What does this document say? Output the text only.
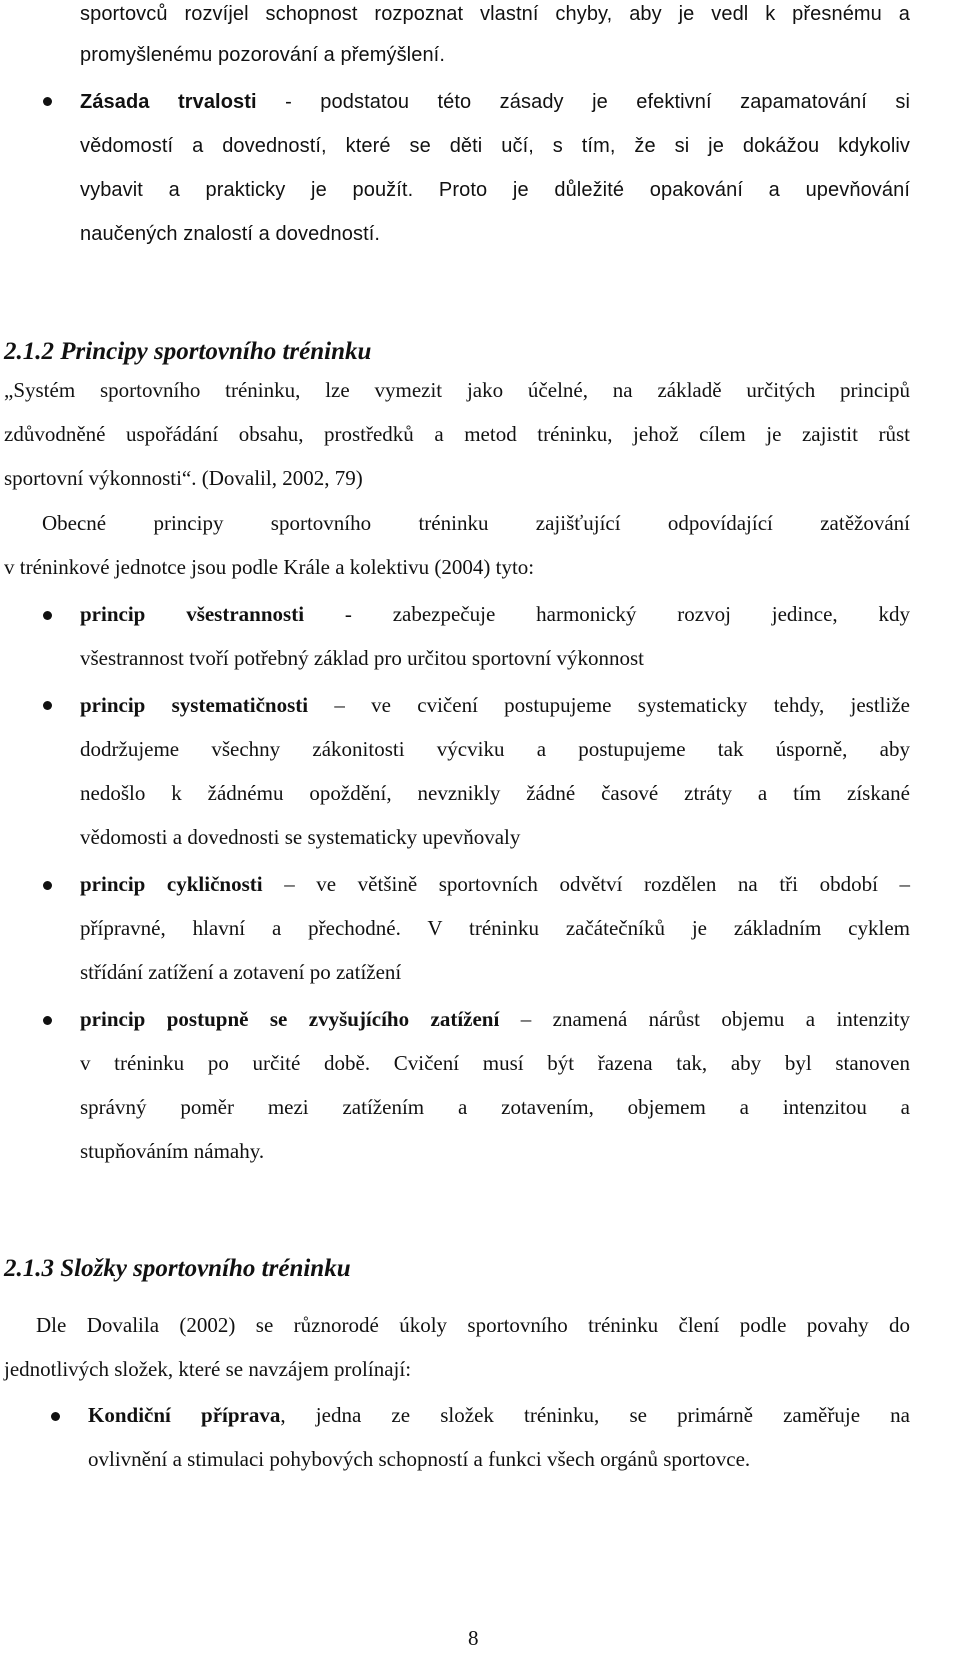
sportovců rozvíjel schopnost rozpoznat vlastní chyby, aby je vedl k přesnému a
promyšlenému pozorování a přemýšlení.
Zásada trvalosti - podstatou této zásady je efektivní zapamatování si
vědomostí a dovedností, které se děti učí, s tím, že si je dokážou kdykoliv
vybavit a prakticky je použít. Proto je důležité opakování a upevňování
naučených znalostí a dovedností.
2.1.2 Principy sportovního tréninku
„Systém sportovního tréninku, lze vymezit jako účelné, na základě určitých principů
zdůvodněné uspořádání obsahu, prostředků a metod tréninku, jehož cílem je zajistit růst
sportovní výkonnosti“. (Dovalil, 2002, 79)
Obecné principy sportovního tréninku zajišťující odpovídající zatěžování
v tréninkové jednotce jsou podle Krále a kolektivu (2004) tyto:
princip všestrannosti - zabezpečuje harmonický rozvoj jedince, kdy
všestrannost tvoří potřebný základ pro určitou sportovní výkonnost
princip systematičnosti – ve cvičení postupujeme systematicky tehdy, jestliže
dodržujeme všechny zákonitosti výcviku a postupujeme tak úsporně, aby
nedošlo k žádnému opoždění, nevznikly žádné časové ztráty a tím získané
vědomosti a dovednosti se systematicky upevňovaly
princip cykličnosti – ve většině sportovních odvětví rozdělen na tři období –
přípravné, hlavní a přechodné. V tréninku začátečníků je základním cyklem
střídání zatížení a zotavení po zatížení
princip postupně se zvyšujícího zatížení – znamená nárůst objemu a intenzity
v tréninku po určité době. Cvičení musí být řazena tak, aby byl stanoven
správný poměr mezi zatížením a zotavením, objemem a intenzitou a
stupňováním námahy.
2.1.3 Složky sportovního tréninku
Dle Dovalila (2002) se různorodé úkoly sportovního tréninku člení podle povahy do
jednotlivých složek, které se navzájem prolínají:
Kondiční příprava, jedna ze složek tréninku, se primárně zaměřuje na
ovlivnění a stimulaci pohybových schopností a funkci všech orgánů sportovce.
8
